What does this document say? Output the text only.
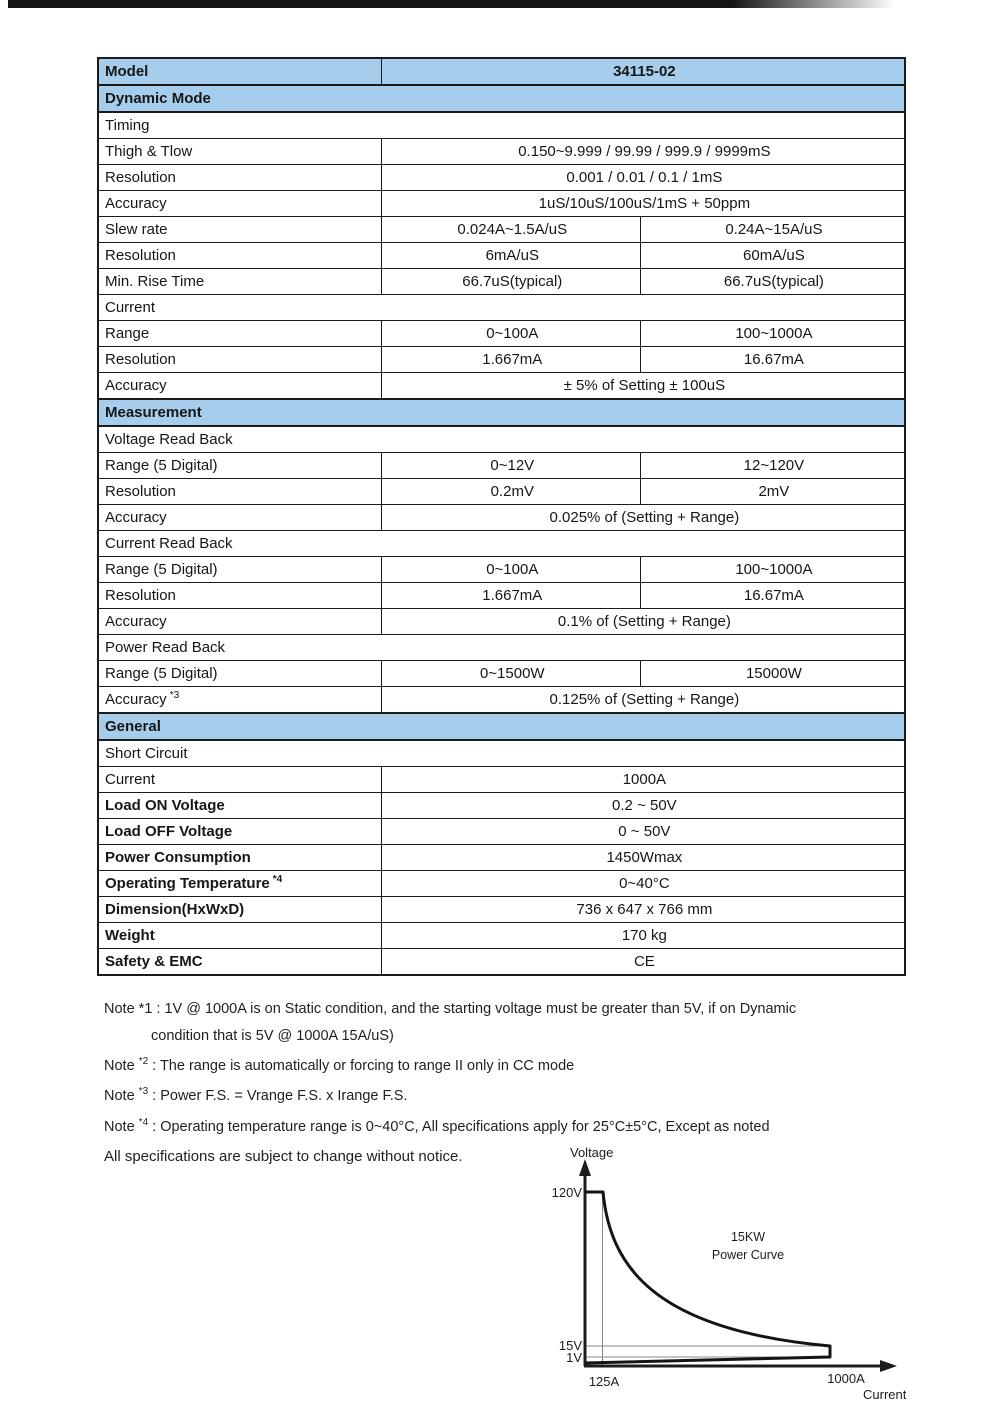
Model	34115-02	
Dynamic Mode		
Timing		
Thigh & Tlow	0.150~9.999 / 99.99 / 999.9 / 9999mS	
Resolution	0.001 / 0.01 / 0.1 / 1mS	
Accuracy	1uS/10uS/100uS/1mS + 50ppm	
Slew rate	0.024A~1.5A/uS	0.24A~15A/uS
Resolution	6mA/uS	60mA/uS
Min. Rise Time	66.7uS(typical)	66.7uS(typical)
Current		
Range	0~100A	100~1000A
Resolution	1.667mA	16.67mA
Accuracy	± 5% of Setting ± 100uS	
Measurement		
Voltage Read Back		
Range (5 Digital)	0~12V	12~120V
Resolution	0.2mV	2mV
Accuracy	0.025% of (Setting + Range)	
Current Read Back		
Range (5 Digital)	0~100A	100~1000A
Resolution	1.667mA	16.67mA
Accuracy	0.1% of (Setting + Range)	
Power Read Back		
Range (5 Digital)	0~1500W	15000W
Accuracy $^{*3}$	0.125% of (Setting + Range)	
General		
Short Circuit		
Current	1000A	
Load ON Voltage	0.2 ~ 50V	
Load OFF Voltage	0 ~ 50V	
Power Consumption	1450Wmax	
Operating Temperature $^{*4}$	0~40°C	
Dimension(HxWxD)	736 x 647 x 766 mm	
Weight	170 kg	
Safety & EMC	CE	
Note *1 : 1V @ 1000A is on Static condition, and the starting voltage must be greater than 5V, if on Dynamic
condition that is 5V @ 1000A 15A/uS)
Note $^{*2}$ : The range is automatically or forcing to range II only in CC mode
Note $^{*3}$ : Power F.S. = Vrange F.S. x Irange F.S.
Note $^{*4}$ : Operating temperature range is 0~40°C, All specifications apply for 25°C±5°C, Except as noted
All specifications are subject to change without notice.	Voltage
120V
15V
1V
125A	1000A
Current
15KW
Power Curve
